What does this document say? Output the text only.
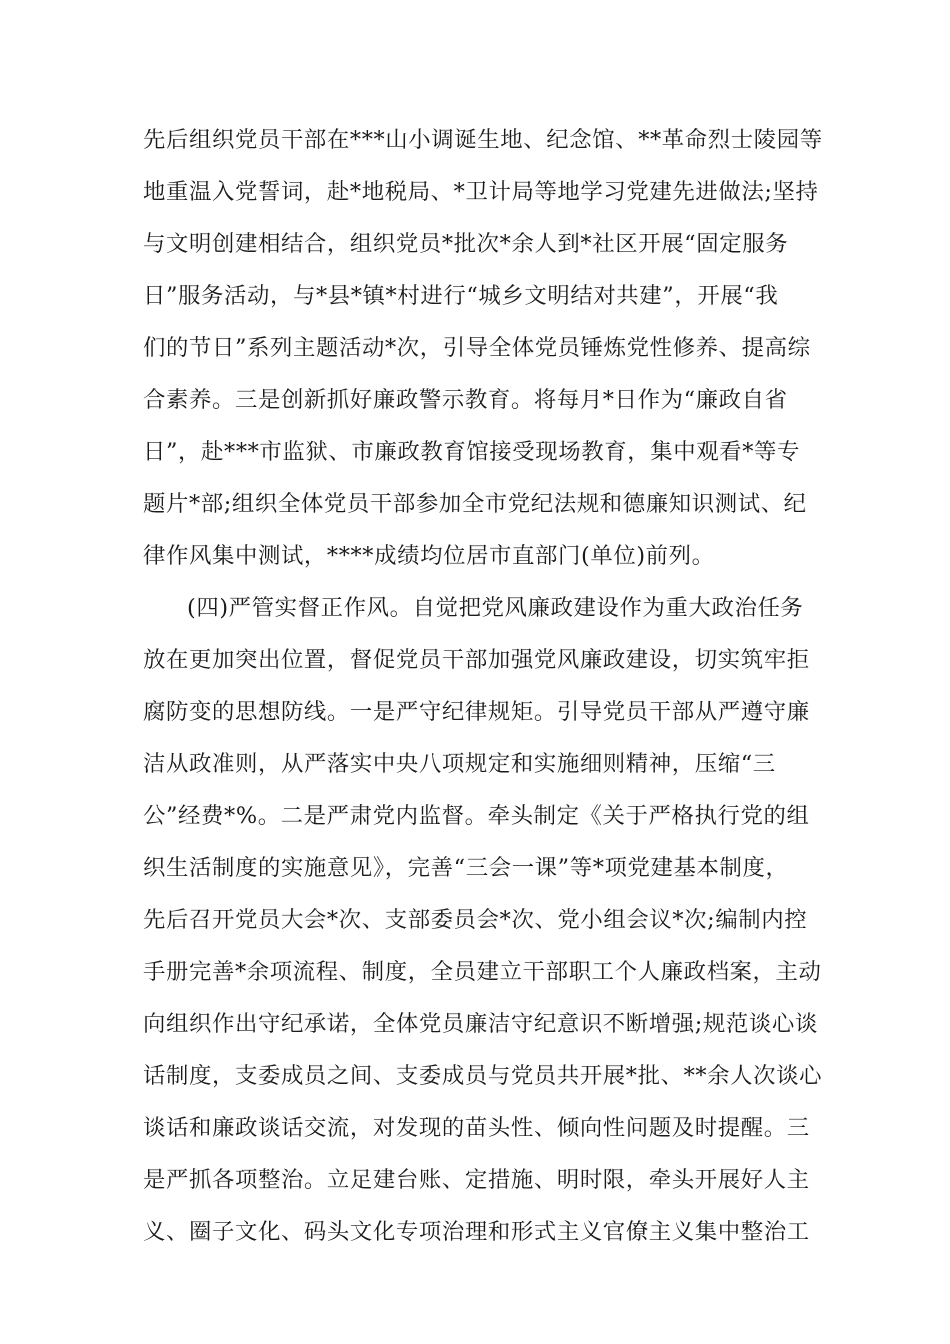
先后组织党员干部在***山小调诞生地、纪念馆、**革命烈士陵园等
地重温入党誓词，赴*地税局、*卫计局等地学习党建先进做法;坚持
与文明创建相结合，组织党员*批次*余人到*社区开展“固定服务
日”服务活动，与*县*镇*村进行“城乡文明结对共建”，开展“我
们的节日”系列主题活动*次，引导全体党员锤炼党性修养、提高综
合素养。三是创新抓好廉政警示教育。将每月*日作为“廉政自省
日”，赴***市监狱、市廉政教育馆接受现场教育，集中观看*等专
题片*部;组织全体党员干部参加全市党纪法规和德廉知识测试、纪
律作风集中测试，****成绩均位居市直部门(单位)前列。
(四)严管实督正作风。自觉把党风廉政建设作为重大政治任务
放在更加突出位置，督促党员干部加强党风廉政建设，切实筑牢拒
腐防变的思想防线。一是严守纪律规矩。引导党员干部从严遵守廉
洁从政准则，从严落实中央八项规定和实施细则精神，压缩“三
公”经费*%。二是严肃党内监督。牵头制定《关于严格执行党的组
织生活制度的实施意见》，完善“三会一课”等*项党建基本制度，
先后召开党员大会*次、支部委员会*次、党小组会议*次;编制内控
手册完善*余项流程、制度，全员建立干部职工个人廉政档案，主动
向组织作出守纪承诺，全体党员廉洁守纪意识不断增强;规范谈心谈
话制度，支委成员之间、支委成员与党员共开展*批、**余人次谈心
谈话和廉政谈话交流，对发现的苗头性、倾向性问题及时提醒。三
是严抓各项整治。立足建台账、定措施、明时限，牵头开展好人主
义、圈子文化、码头文化专项治理和形式主义官僚主义集中整治工
